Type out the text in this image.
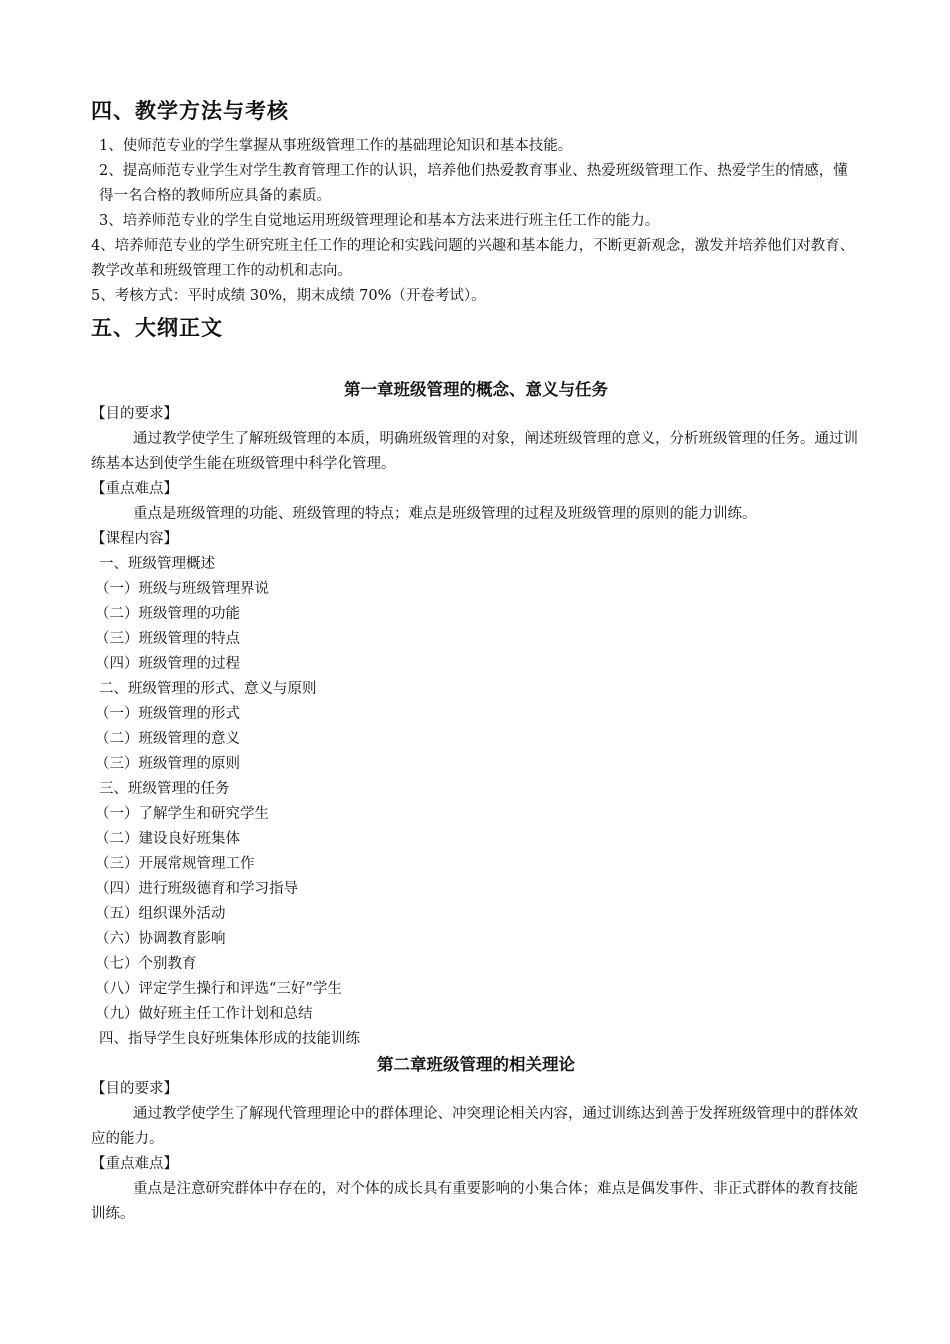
四、教学方法与考核

1、使师范专业的学生掌握从事班级管理工作的基础理论知识和基本技能。

2、提高师范专业学生对学生教育管理工作的认识，培养他们热爱教育事业、热爱班级管理工作、热爱学生的情感，懂得一名合格的教师所应具备的素质。

3、培养师范专业的学生自觉地运用班级管理理论和基本方法来进行班主任工作的能力。

4、培养师范专业的学生研究班主任工作的理论和实践问题的兴趣和基本能力，不断更新观念，激发并培养他们对教育、教学改革和班级管理工作的动机和志向。

5、考核方式：平时成绩 30%，期末成绩 70%（开卷考试）。

五、大纲正文

第一章班级管理的概念、意义与任务

【目的要求】

通过教学使学生了解班级管理的本质，明确班级管理的对象，阐述班级管理的意义，分析班级管理的任务。通过训练基本达到使学生能在班级管理中科学化管理。

【重点难点】

重点是班级管理的功能、班级管理的特点；难点是班级管理的过程及班级管理的原则的能力训练。

【课程内容】

一、班级管理概述

（一）班级与班级管理界说

（二）班级管理的功能

（三）班级管理的特点

（四）班级管理的过程

二、班级管理的形式、意义与原则

（一）班级管理的形式

（二）班级管理的意义

（三）班级管理的原则

三、班级管理的任务

（一）了解学生和研究学生

（二）建设良好班集体

（三）开展常规管理工作

（四）进行班级德育和学习指导

（五）组织课外活动

（六）协调教育影响

（七）个别教育

（八）评定学生操行和评选“三好”学生

（九）做好班主任工作计划和总结

四、指导学生良好班集体形成的技能训练

第二章班级管理的相关理论

【目的要求】

通过教学使学生了解现代管理理论中的群体理论、冲突理论相关内容，通过训练达到善于发挥班级管理中的群体效应的能力。

【重点难点】

重点是注意研究群体中存在的，对个体的成长具有重要影响的小集合体；难点是偶发事件、非正式群体的教育技能训练。
